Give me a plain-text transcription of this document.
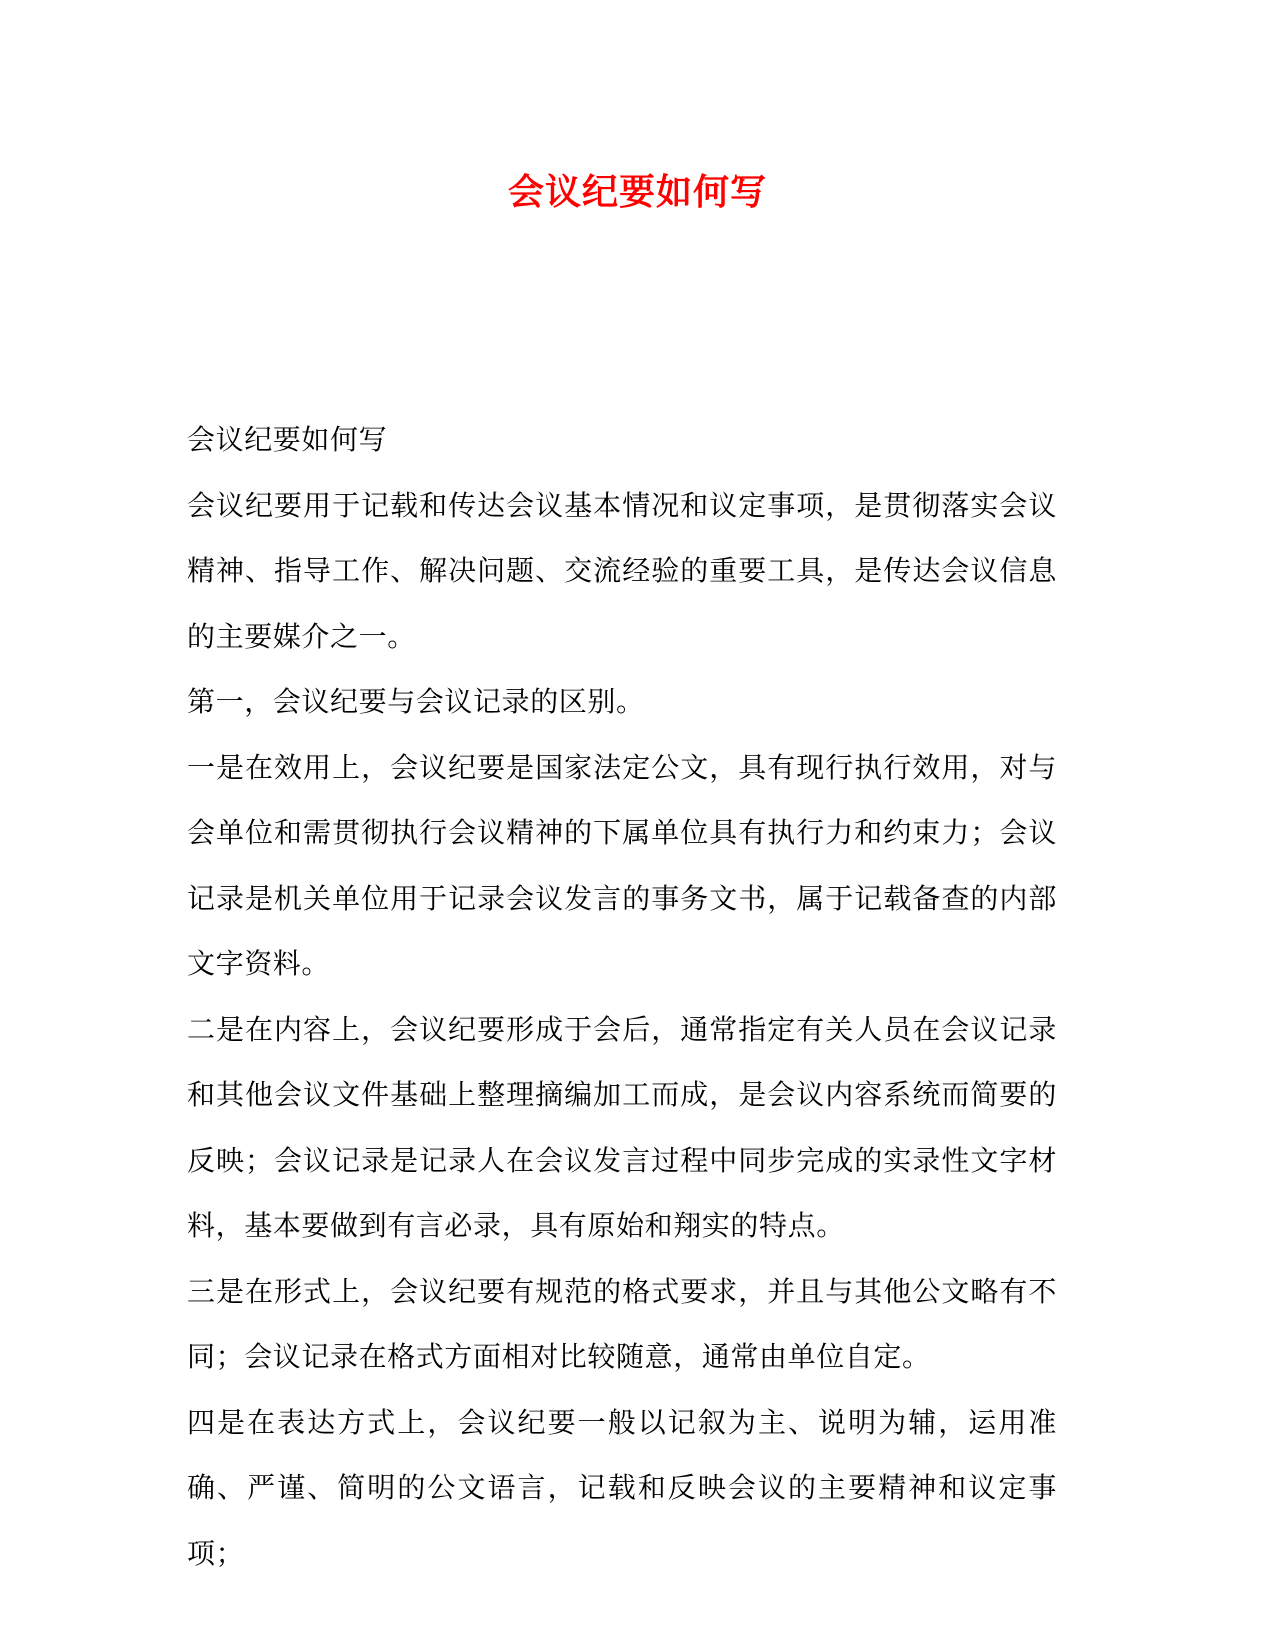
会议纪要如何写

会议纪要如何写

会议纪要用于记载和传达会议基本情况和议定事项，是贯彻落实会议精神、指导工作、解决问题、交流经验的重要工具，是传达会议信息的主要媒介之一。

第一，会议纪要与会议记录的区别。

一是在效用上，会议纪要是国家法定公文，具有现行执行效用，对与会单位和需贯彻执行会议精神的下属单位具有执行力和约束力；会议记录是机关单位用于记录会议发言的事务文书，属于记载备查的内部文字资料。

二是在内容上，会议纪要形成于会后，通常指定有关人员在会议记录和其他会议文件基础上整理摘编加工而成，是会议内容系统而简要的反映；会议记录是记录人在会议发言过程中同步完成的实录性文字材料，基本要做到有言必录，具有原始和翔实的特点。

三是在形式上，会议纪要有规范的格式要求，并且与其他公文略有不同；会议记录在格式方面相对比较随意，通常由单位自定。

四是在表达方式上，会议纪要一般以记叙为主、说明为辅，运用准确、严谨、简明的公文语言，记载和反映会议的主要精神和议定事项；
